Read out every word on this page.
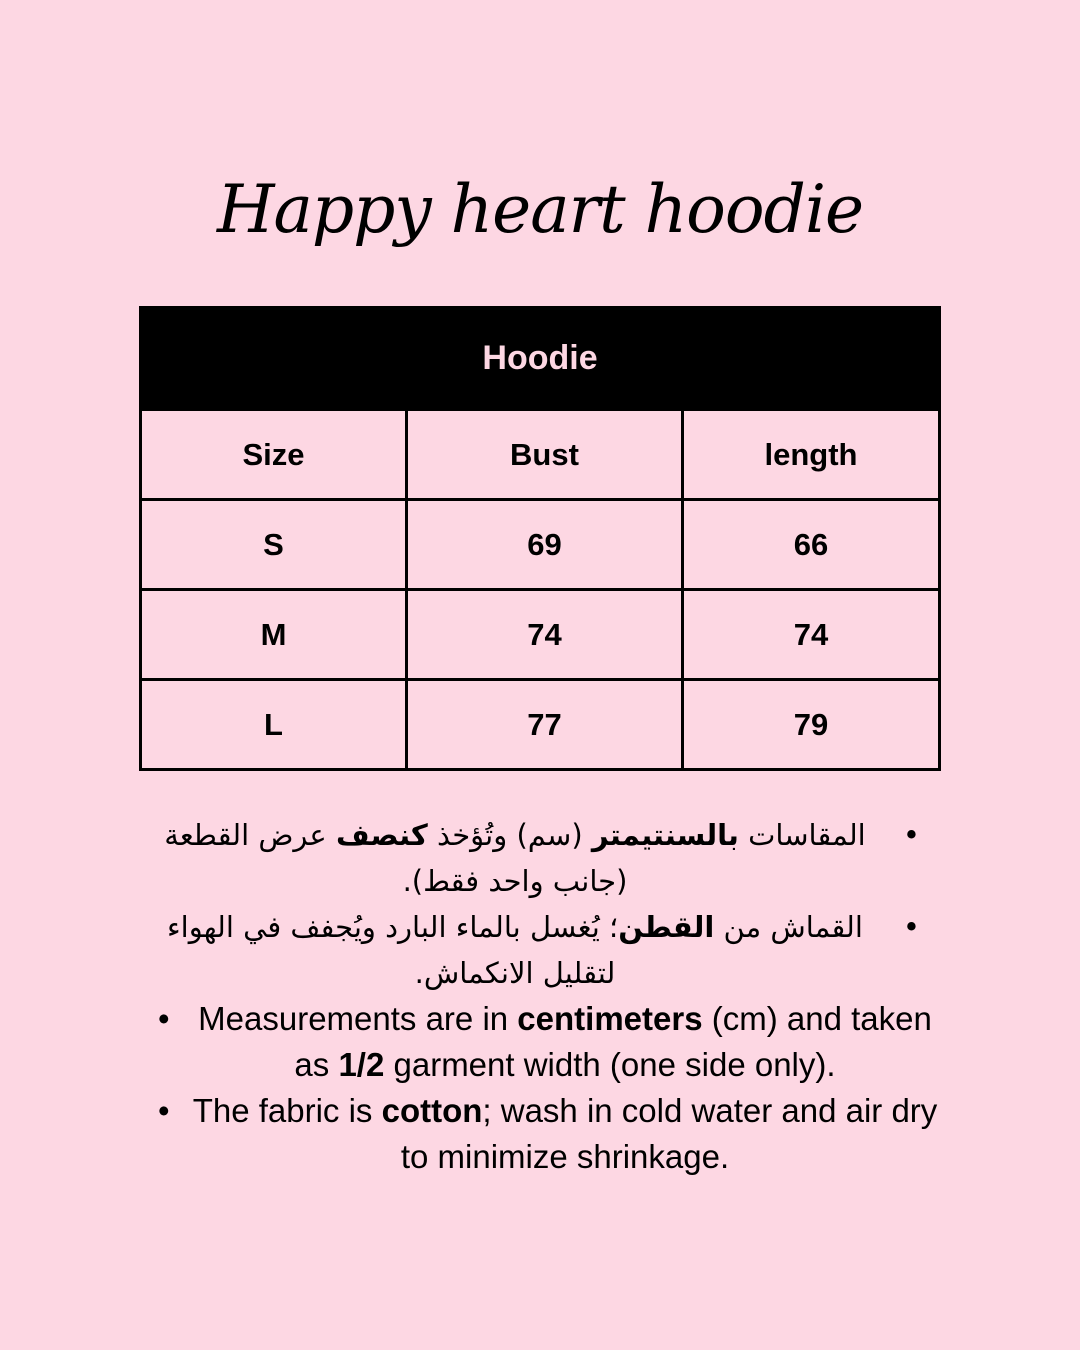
Happy heart hoodie
Hoodie		
Size	Bust	length
S	69	66
M	74	74
L	77	79
•
المقاسات بالسنتيمتر (سم) وتُؤخذ كنصف عرض القطعة (جانب واحد فقط).
•
القماش من القطن؛ يُغسل بالماء البارد ويُجفف في الهواء لتقليل الانكماش.
• Measurements are in centimeters (cm) and taken as 1/2 garment width (one side only).
• The fabric is cotton; wash in cold water and air dry to minimize shrinkage.
